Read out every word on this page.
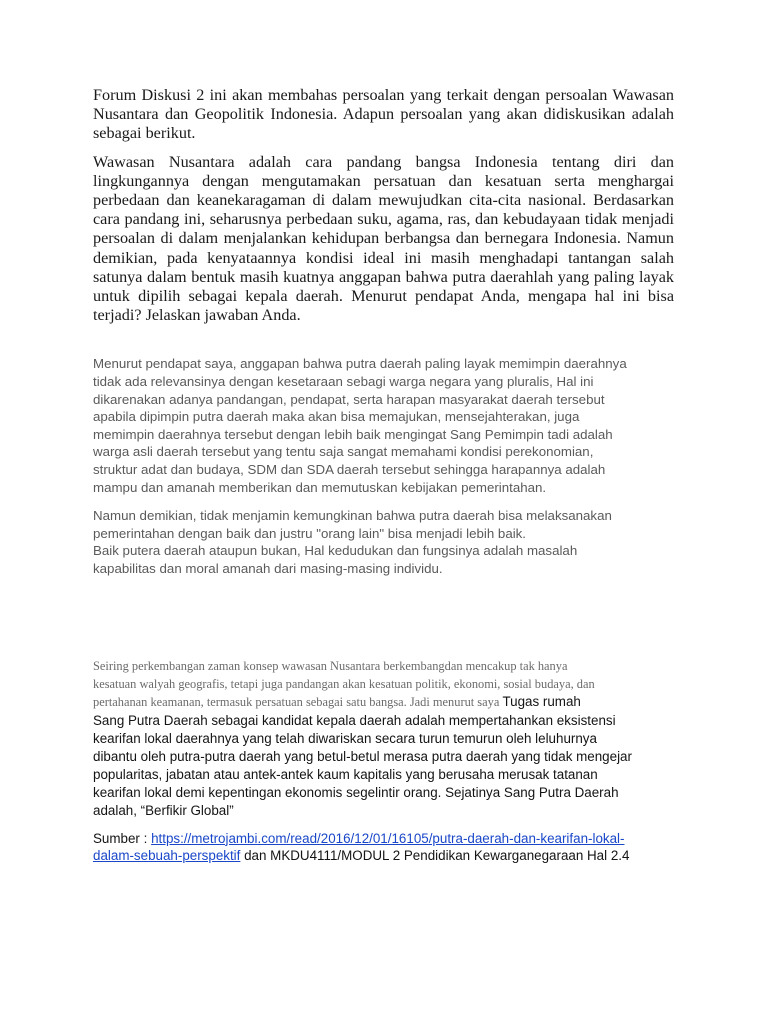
Forum Diskusi 2 ini akan membahas persoalan yang terkait dengan persoalan Wawasan Nusantara dan Geopolitik Indonesia. Adapun persoalan yang akan didiskusikan adalah sebagai berikut.

Wawasan Nusantara adalah cara pandang bangsa Indonesia tentang diri dan lingkungannya dengan mengutamakan persatuan dan kesatuan serta menghargai perbedaan dan keanekaragaman di dalam mewujudkan cita-cita nasional. Berdasarkan cara pandang ini, seharusnya perbedaan suku, agama, ras, dan kebudayaan tidak menjadi persoalan di dalam menjalankan kehidupan berbangsa dan bernegara Indonesia. Namun demikian, pada kenyataannya kondisi ideal ini masih menghadapi tantangan salah satunya dalam bentuk masih kuatnya anggapan bahwa putra daerahlah yang paling layak untuk dipilih sebagai kepala daerah. Menurut pendapat Anda, mengapa hal ini bisa terjadi? Jelaskan jawaban Anda.

Menurut pendapat saya, anggapan bahwa putra daerah paling layak memimpin daerahnya
tidak ada relevansinya dengan kesetaraan sebagi warga negara yang pluralis, Hal ini
dikarenakan adanya pandangan, pendapat, serta harapan masyarakat daerah tersebut
apabila dipimpin putra daerah maka akan bisa memajukan, mensejahterakan, juga
memimpin daerahnya tersebut dengan lebih baik mengingat Sang Pemimpin tadi adalah
warga asli daerah tersebut yang tentu saja sangat memahami kondisi perekonomian,
struktur adat dan budaya, SDM dan SDA daerah tersebut sehingga harapannya adalah
mampu dan amanah memberikan dan memutuskan kebijakan pemerintahan.

Namun demikian, tidak menjamin kemungkinan bahwa putra daerah bisa melaksanakan
pemerintahan dengan baik dan justru "orang lain" bisa menjadi lebih baik.

Baik putera daerah ataupun bukan, Hal kedudukan dan fungsinya adalah masalah
kapabilitas dan moral amanah dari masing-masing individu.

Seiring perkembangan zaman konsep wawasan Nusantara berkembangdan mencakup tak hanya
kesatuan walyah geografis, tetapi juga pandangan akan kesatuan politik, ekonomi, sosial budaya, dan
pertahanan keamanan, termasuk persatuan sebagai satu bangsa. Jadi menurut saya Tugas rumah
Sang Putra Daerah sebagai kandidat kepala daerah adalah mempertahankan eksistensi
kearifan lokal daerahnya yang telah diwariskan secara turun temurun oleh leluhurnya
dibantu oleh putra-putra daerah yang betul-betul merasa putra daerah yang tidak mengejar
popularitas, jabatan atau antek-antek kaum kapitalis yang berusaha merusak tatanan
kearifan lokal demi kepentingan ekonomis segelintir orang. Sejatinya Sang Putra Daerah
adalah, “Berfikir Global”

Sumber : https://metrojambi.com/read/2016/12/01/16105/putra-daerah-dan-kearifan-lokal-
dalam-sebuah-perspektif dan MKDU4111/MODUL 2 Pendidikan Kewarganegaraan Hal 2.4
